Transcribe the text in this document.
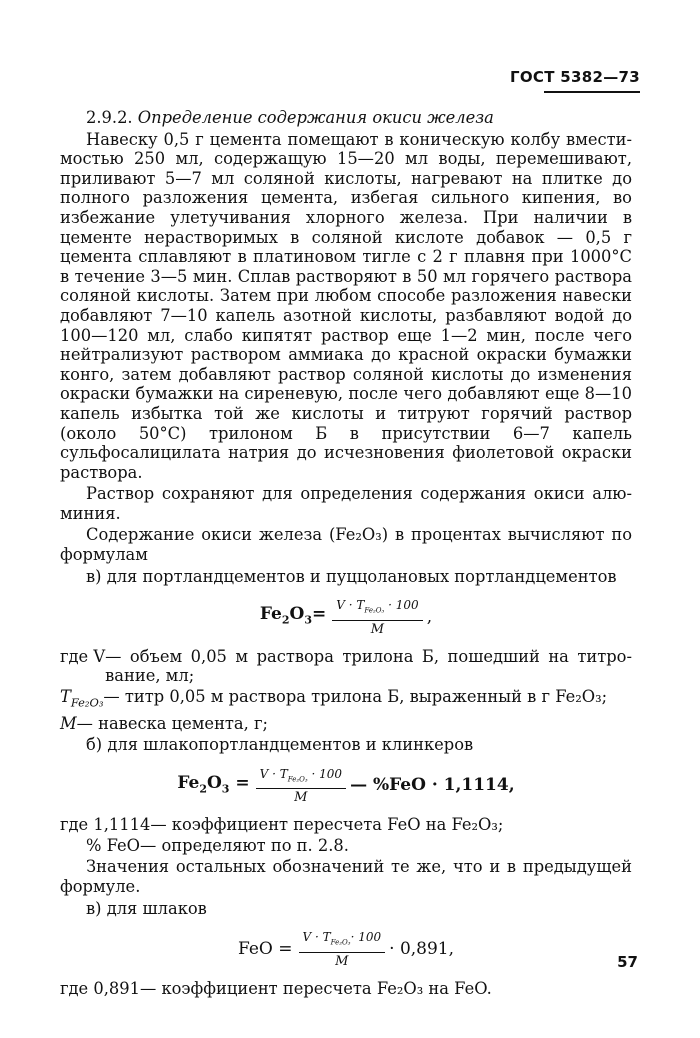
ГОСТ 5382—73
2.9.2. Определение содержания окиси железа

Навеску 0,5 г цемента помещают в коническую колбу вместимостью 250 мл, содержащую 15—20 мл воды, перемешивают, приливают 5—7 мл соляной кислоты, нагревают на плитке до полного разложения цемента, избегая сильного кипения, во избежание улетучивания хлорного железа. При наличии в цементе нерастворимых в соляной кислоте добавок — 0,5 г цемента сплавляют в платиновом тигле с 2 г плавня при 1000°С в течение 3—5 мин. Сплав растворяют в 50 мл горячего раствора соляной кислоты. Затем при любом способе разложения навески добавляют 7—10 капель азотной кислоты, разбавляют водой до 100—120 мл, слабо кипятят раствор еще 1—2 мин, после чего нейтрализуют раствором аммиака до красной окраски бумажки конго, затем добавляют раствор соляной кислоты до изменения окраски бумажки на сиреневую, после чего добавляют еще 8—10 капель избытка той же кислоты и титруют горячий раствор (около 50°С) трилоном Б в присутствии 6—7 капель сульфосалицилата натрия до исчезновения фиолетовой окраски раствора.

Раствор сохраняют для определения содержания окиси алюминия.

Содержание окиси железа (Fe₂O₃) в процентах вычисляют по формулам

в) для портландцементов и пуццолановых портландцементов

$Fe_2O_3= \frac{V \cdot T_{Fe_2O_3} \cdot 100}{M}$ ,
где V — объем 0,05 м раствора трилона Б, пошедший на титрование, мл;
$T_{Fe_2O_3}$ — титр 0,05 м раствора трилона Б, выраженный в г Fe₂O₃;
M — навеска цемента, г;

б) для шлакопортландцементов и клинкеров

$Fe_2O_3 = \frac{V \cdot T_{Fe_2O_3} \cdot 100}{M}$ — %FeO · 1,1114,
где 1,1114 — коэффициент пересчета FeO на Fe₂O₃;
% FeO — определяют по п. 2.8.

Значения остальных обозначений те же, что и в предыдущей формуле.

в) для шлаков

FeO = $\frac{V \cdot T_{Fe_2O_3}\cdot 100}{M} \cdot 0,891$,
где 0,891 — коэффициент пересчета Fe₂O₃ на FeO.
57
